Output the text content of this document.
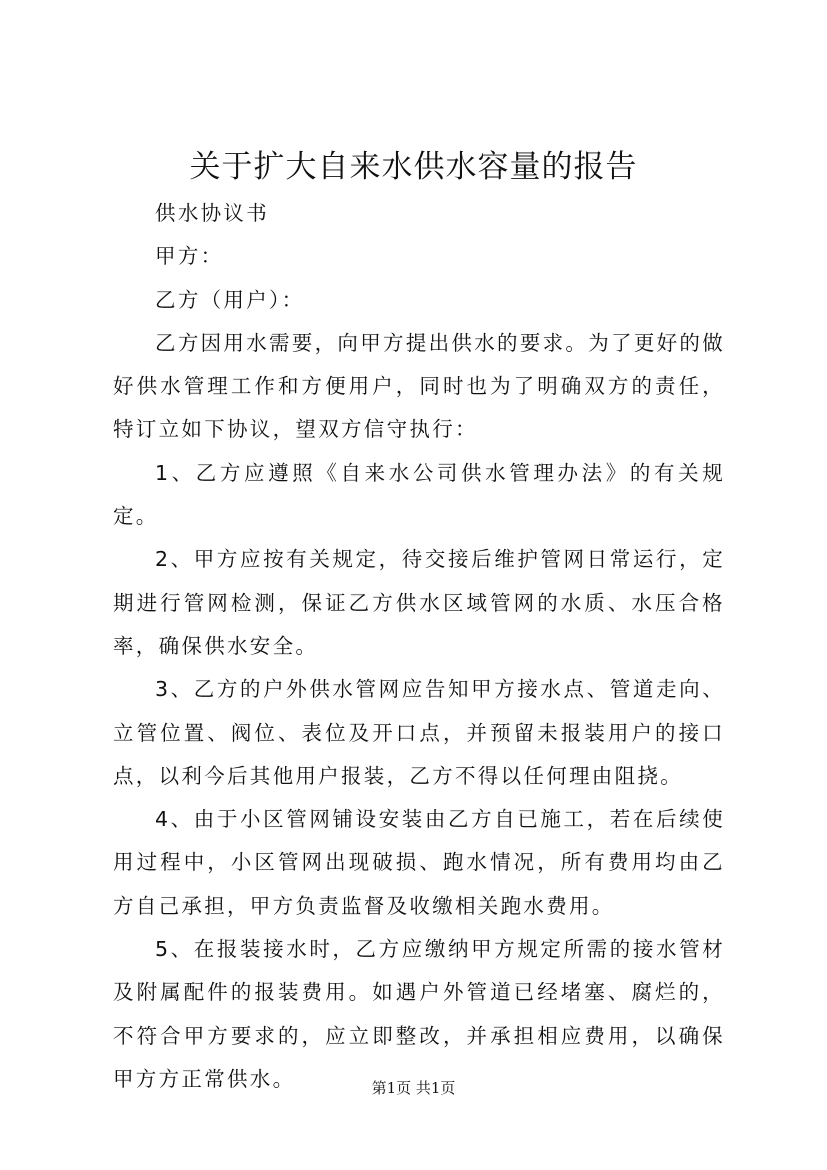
关于扩大自来水供水容量的报告

供水协议书

甲方：

乙方（用户）：

乙方因用水需要，向甲方提出供水的要求。为了更好的做好供水管理工作和方便用户，同时也为了明确双方的责任，特订立如下协议，望双方信守执行：

1、乙方应遵照《自来水公司供水管理办法》的有关规定。

2、甲方应按有关规定，待交接后维护管网日常运行，定期进行管网检测，保证乙方供水区域管网的水质、水压合格率，确保供水安全。

3、乙方的户外供水管网应告知甲方接水点、管道走向、立管位置、阀位、表位及开口点，并预留未报装用户的接口点，以利今后其他用户报装，乙方不得以任何理由阻挠。

4、由于小区管网铺设安装由乙方自已施工，若在后续使用过程中，小区管网出现破损、跑水情况，所有费用均由乙方自己承担，甲方负责监督及收缴相关跑水费用。

5、在报装接水时，乙方应缴纳甲方规定所需的接水管材及附属配件的报装费用。如遇户外管道已经堵塞、腐烂的，不符合甲方要求的，应立即整改，并承担相应费用，以确保甲方方正常供水。	第1页 共1页
